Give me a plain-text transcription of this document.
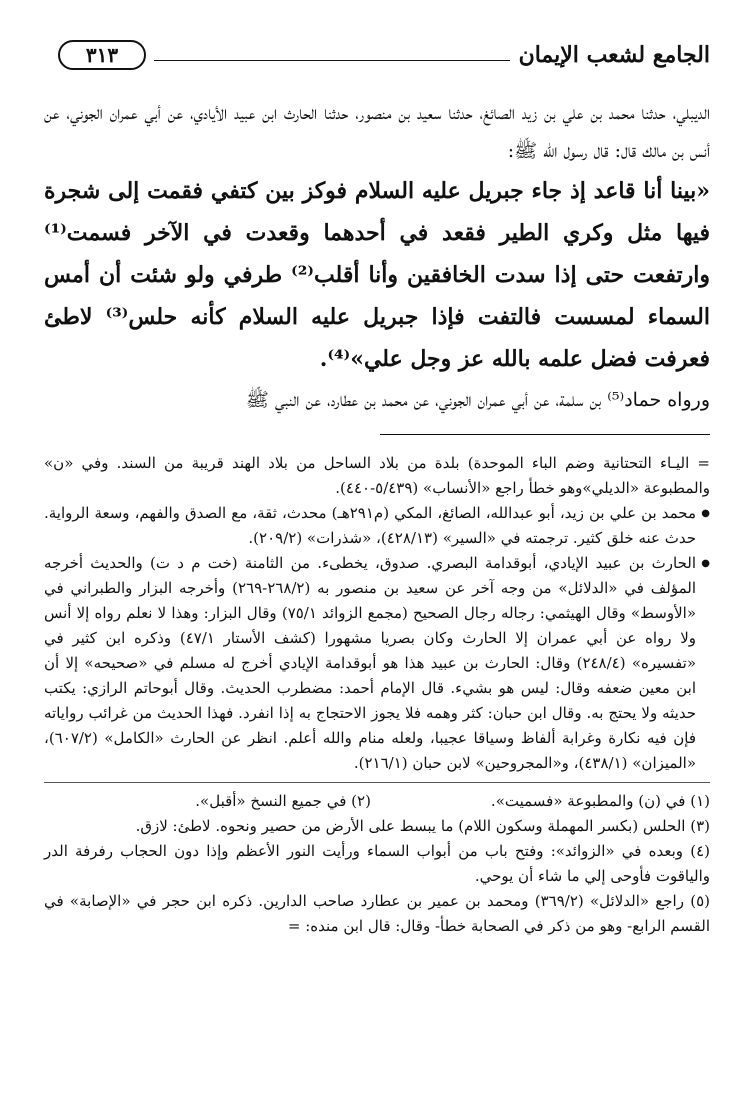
الجامع لشعب الإيمان
٣١٣

الديبلي، حدثنا محمد بن علي بن زيد الصائغ، حدثنا سعيد بن منصور، حدثنا الحارث ابن عبيد الأيادي، عن أبي عمران الجوني، عن أنس بن مالك قال: قال رسول الله ﷺ:

«بينا أنا قاعد إذ جاء جبريل عليه السلام فوكز بين كتفي فقمت إلى شجرة فيها مثل وكري الطير فقعد في أحدهما وقعدت في الآخر فسمت⁽¹⁾ وارتفعت حتى إذا سدت الخافقين وأنا أقلب⁽²⁾ طرفي ولو شئت أن أمس السماء لمسست فالتفت فإذا جبريل عليه السلام كأنه حلس⁽³⁾ لاطئ فعرفت فضل علمه بالله عز وجل علي»⁽⁴⁾.

ورواه حماد⁽⁵⁾ بن سلمة، عن أبي عمران الجوني، عن محمد بن عطارد، عن النبي ﷺ

= اليـاء التحتانية وضم الباء الموحدة) بلدة من بلاد الساحل من بلاد الهند قريبة من السند. وفي «ن» والمطبوعة «الديلي»وهو خطأ راجع «الأنساب» (٥/٤٣٩-٤٤٠).

● محمد بن علي بن زيد، أبو عبدالله، الصائغ، المكي (م٢٩١هـ) محدث، ثقة، مع الصدق والفهم، وسعة الرواية. حدث عنه خلق كثير. ترجمته في «السير» (٤٢٨/١٣)، «شذرات» (٢٠٩/٢).

● الحارث بن عبيد الإيادي، أبوقدامة البصري. صدوق، يخطىء. من الثامنة (خت م د ت) والحديث أخرجه المؤلف في «الدلائل» من وجه آخر عن سعيد بن منصور به (٢٦٨/٢-٢٦٩) وأخرجه البزار والطبراني في «الأوسط» وقال الهيثمي: رجاله رجال الصحيح (مجمع الزوائد ٧٥/١) وقال البزار: وهذا لا نعلم رواه إلا أنس ولا رواه عن أبي عمران إلا الحارث وكان بصريا مشهورا (كشف الأستار ٤٧/١) وذكره ابن كثير في «تفسيره» (٢٤٨/٤) وقال: الحارث بن عبيد هذا هو أبوقدامة الإيادي أخرج له مسلم في «صحيحه» إلا أن ابن معين ضعفه وقال: ليس هو بشيء. قال الإمام أحمد: مضطرب الحديث. وقال أبوحاتم الرازي: يكتب حديثه ولا يحتج به. وقال ابن حبان: كثر وهمه فلا يجوز الاحتجاج به إذا انفرد. فهذا الحديث من غرائب رواياته فإن فيه نكارة وغرابة ألفاظ وسياقا عجيبا، ولعله منام والله أعلم. انظر عن الحارث «الكامل» (٦٠٧/٢)، «الميزان» (٤٣٨/١)، و«المجروحين» لابن حبان (٢١٦/١).

(١) في (ن) والمطبوعة «فسميت».
(٢) في جميع النسخ «أقبل».

(٣) الحلس (بكسر المهملة وسكون اللام) ما يبسط على الأرض من حصير ونحوه. لاطئ: لازق.

(٤) وبعده في «الزوائد»: وفتح باب من أبواب السماء ورأيت النور الأعظم وإذا دون الحجاب رفرفة الدر والياقوت فأوحى إلي ما شاء أن يوحي.

(٥) راجع «الدلائل» (٣٦٩/٢) ومحمد بن عمير بن عطارد صاحب الدارين. ذكره ابن حجر في «الإصابة» في القسم الرابع- وهو من ذكر في الصحابة خطأ- وقال: قال ابن منده: =
